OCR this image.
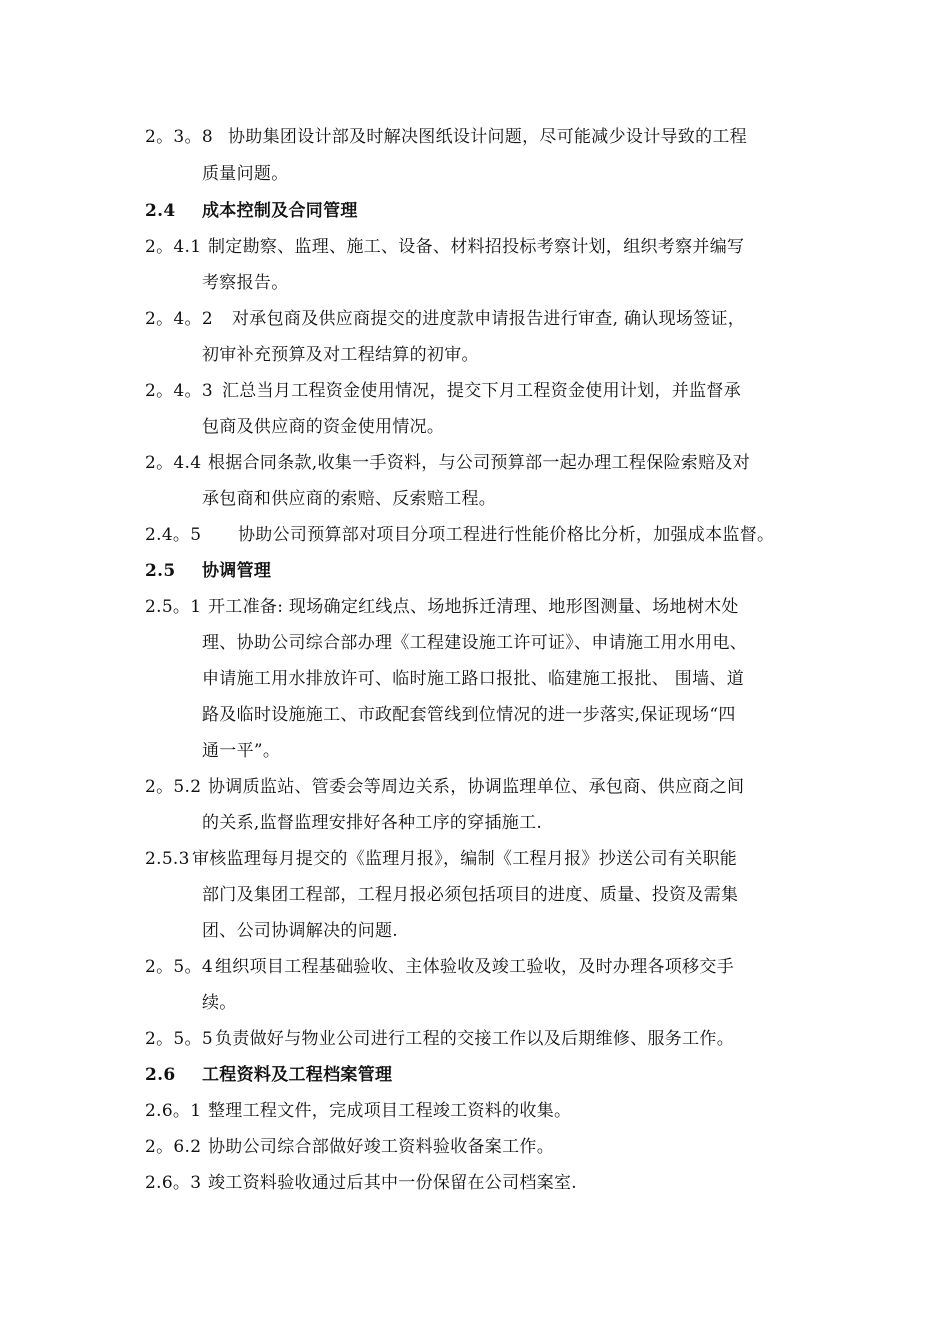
2。3。8 协助集团设计部及时解决图纸设计问题，尽可能减少设计导致的工程
质量问题。
2.4 成本控制及合同管理
2。4.1 制定勘察、监理、施工、设备、材料招投标考察计划，组织考察并编写
考察报告。
2。4。2 对承包商及供应商提交的进度款申请报告进行审查, 确认现场签证，
初审补充预算及对工程结算的初审。
2。4。3 汇总当月工程资金使用情况，提交下月工程资金使用计划，并监督承
包商及供应商的资金使用情况。
2。4.4 根据合同条款,收集一手资料，与公司预算部一起办理工程保险索赔及对
承包商和供应商的索赔、反索赔工程。
2.4。5 协助公司预算部对项目分项工程进行性能价格比分析，加强成本监督。
2.5 协调管理
2.5。1 开工准备: 现场确定红线点、场地拆迁清理、地形图测量、场地树木处
理、协助公司综合部办理《工程建设施工许可证》、申请施工用水用电、
申请施工用水排放许可、临时施工路口报批、临建施工报批、 围墙、道
路及临时设施施工、市政配套管线到位情况的进一步落实,保证现场“四
通一平”。
2。5.2 协调质监站、管委会等周边关系，协调监理单位、承包商、供应商之间
的关系,监督监理安排好各种工序的穿插施工.
2.5.3 审核监理每月提交的《监理月报》，编制《工程月报》抄送公司有关职能
部门及集团工程部，工程月报必须包括项目的进度、质量、投资及需集
团、公司协调解决的问题.
2。5。4 组织项目工程基础验收、主体验收及竣工验收，及时办理各项移交手
续。
2。5。5 负责做好与物业公司进行工程的交接工作以及后期维修、服务工作。
2.6 工程资料及工程档案管理
2.6。1 整理工程文件，完成项目工程竣工资料的收集。
2。6.2 协助公司综合部做好竣工资料验收备案工作。
2.6。3 竣工资料验收通过后其中一份保留在公司档案室.
